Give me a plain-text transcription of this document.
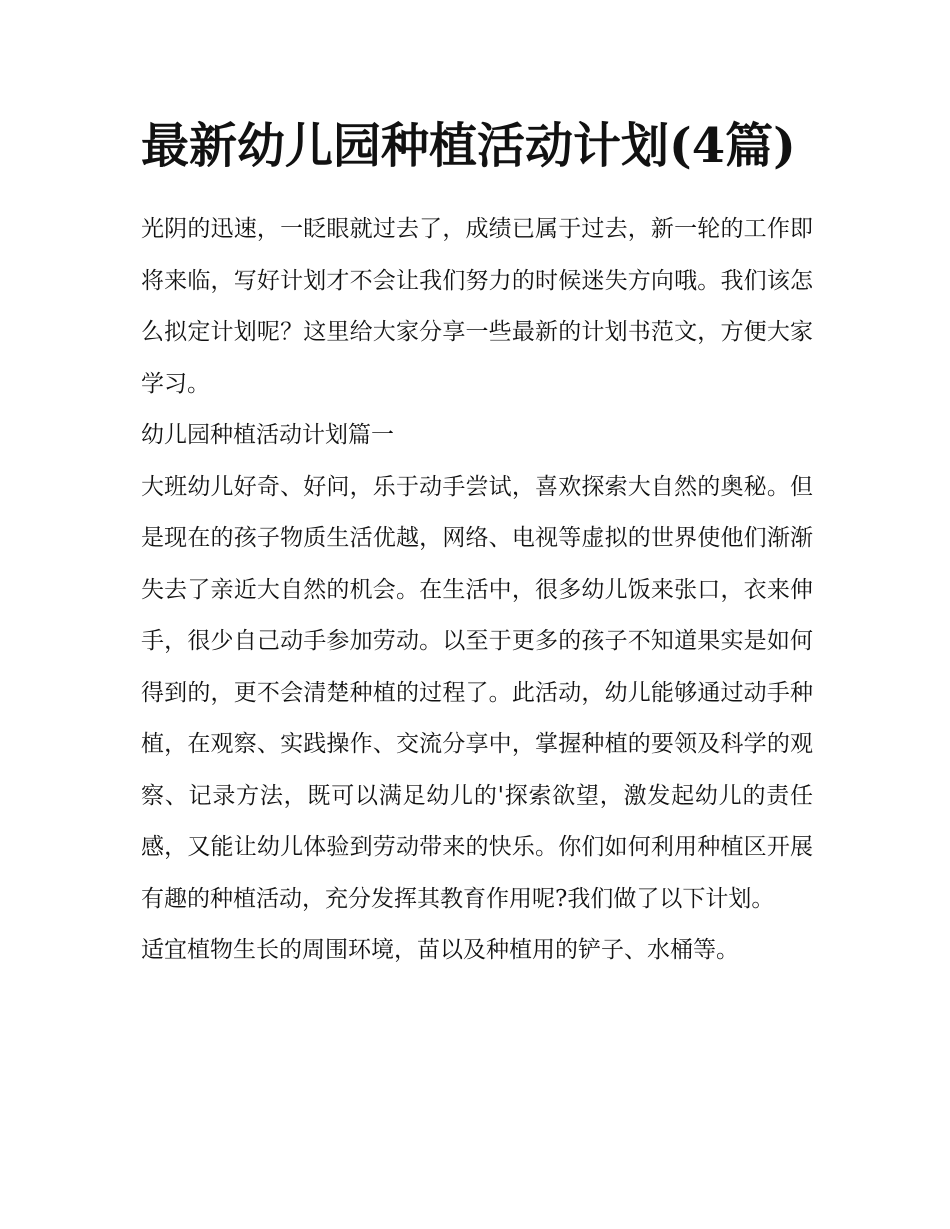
最新幼儿园种植活动计划(4篇)

光阴的迅速，一眨眼就过去了，成绩已属于过去，新一轮的工作即将来临，写好计划才不会让我们努力的时候迷失方向哦。我们该怎么拟定计划呢？这里给大家分享一些最新的计划书范文，方便大家学习。

幼儿园种植活动计划篇一

大班幼儿好奇、好问，乐于动手尝试，喜欢探索大自然的奥秘。但是现在的孩子物质生活优越，网络、电视等虚拟的世界使他们渐渐失去了亲近大自然的机会。在生活中，很多幼儿饭来张口，衣来伸手，很少自己动手参加劳动。以至于更多的孩子不知道果实是如何得到的，更不会清楚种植的过程了。此活动，幼儿能够通过动手种植，在观察、实践操作、交流分享中，掌握种植的要领及科学的观察、记录方法，既可以满足幼儿的'探索欲望，激发起幼儿的责任感，又能让幼儿体验到劳动带来的快乐。你们如何利用种植区开展有趣的种植活动，充分发挥其教育作用呢?我们做了以下计划。

适宜植物生长的周围环境，苗以及种植用的铲子、水桶等。
